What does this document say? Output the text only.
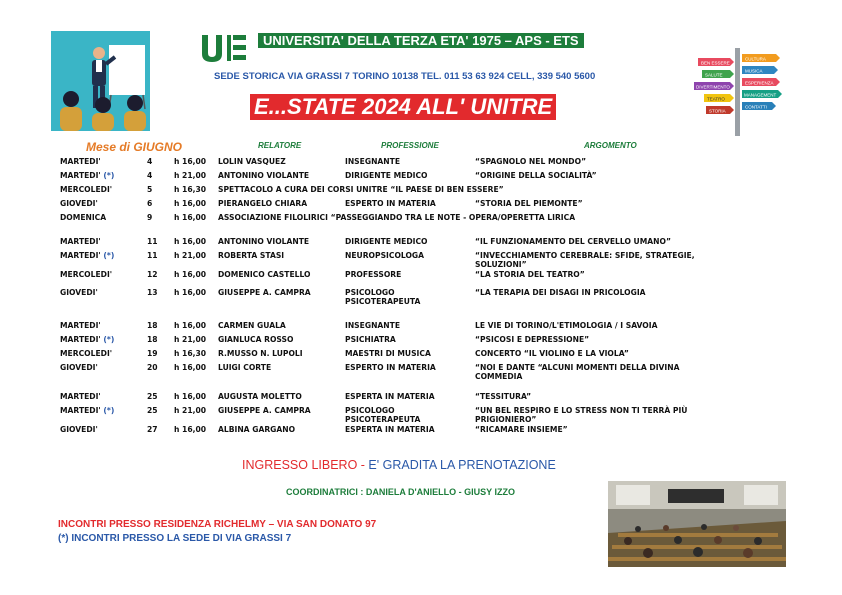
UNIVERSITA' DELLA TERZA ETA' 1975 – APS - ETS
SEDE STORICA VIA GRASSI 7 TORINO 10138 TEL. 011 53 63 924 CELL, 339 540 5600
E...STATE 2024 ALL' UNITRE
BEN ESSERE
CULTURA
SALUTE
MUSICA
DIVERTIMENTO
ESPERIENZA
MANAGEMENT
TEATRO
CONTATTI
STORIA
Mese di GIUGNO	RELATORE	PROFESSIONE	ARGOMENTO
MARTEDI'	4	h 16,00 LOLIN VASQUEZ	INSEGNANTE	“SPAGNOLO NEL MONDO”
MARTEDI' (*)	4	h 21,00 ANTONINO VIOLANTE	DIRIGENTE MEDICO	“ORIGINE DELLA SOCIALITÀ”
MERCOLEDI'	5	h 16,30 SPETTACOLO A CURA DEI CORSI UNITRE “IL PAESE DI BEN ESSERE”
GIOVEDI'	6	h 16,00 PIERANGELO CHIARA	ESPERTO IN MATERIA	“STORIA DEL PIEMONTE”
DOMENICA	9	h 16,00 ASSOCIAZIONE FILOLIRICI “PASSEGGIANDO TRA LE NOTE - OPERA/OPERETTA LIRICA
MARTEDI'	11 h 16,00 ANTONINO VIOLANTE	DIRIGENTE MEDICO	“IL FUNZIONAMENTO DEL CERVELLO UMANO”
MARTEDI' (*)	11 h 21,00 ROBERTA STASI	NEUROPSICOLOGA	“INVECCHIAMENTO CEREBRALE: SFIDE, STRATEGIE,
SOLUZIONI”
MERCOLEDI'	12 h 16,00 DOMENICO CASTELLO	PROFESSORE	“LA STORIA DEL TEATRO”
GIOVEDI'	13 h 16,00 GIUSEPPE A. CAMPRA	PSICOLOGO	“LA TERAPIA DEI DISAGI IN PRICOLOGIA
PSICOTERAPEUTA
MARTEDI'	18 h 16,00 CARMEN GUALA	INSEGNANTE	LE VIE DI TORINO/L'ETIMOLOGIA / I SAVOIA
MARTEDI' (*)	18 h 21,00 GIANLUCA ROSSO	PSICHIATRA	“PSICOSI E DEPRESSIONE”
MERCOLEDI'	19 h 16,30 R.MUSSO N. LUPOLI	MAESTRI DI MUSICA	CONCERTO “IL VIOLINO E LA VIOLA”
GIOVEDI'	20 h 16,00 LUIGI CORTE	ESPERTO IN MATERIA	“NOI E DANTE “ALCUNI MOMENTI DELLA DIVINA
COMMEDIA
MARTEDI'	25 h 16,00 AUGUSTA MOLETTO	ESPERTA IN MATERIA	“TESSITURA”
MARTEDI' (*)	25 h 21,00 GIUSEPPE A. CAMPRA	PSICOLOGO	“UN BEL RESPIRO E LO STRESS NON TI TERRÀ PIÙ
PSICOTERAPEUTA	PRIGIONIERO”
GIOVEDI'	27 h 16,00 ALBINA GARGANO	ESPERTA IN MATERIA	“RICAMARE INSIEME”
INGRESSO LIBERO - E' GRADITA LA PRENOTAZIONE
COORDINATRICI : DANIELA D'ANIELLO - GIUSY IZZO
INCONTRI PRESSO RESIDENZA RICHELMY – VIA SAN DONATO 97
(*) INCONTRI PRESSO LA SEDE DI VIA GRASSI 7
